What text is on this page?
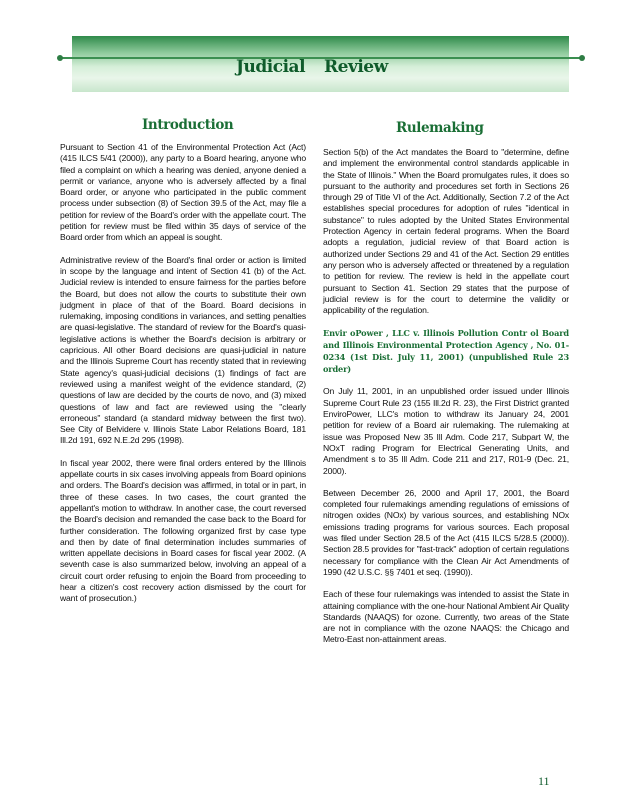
Judicial Review
Introduction

Pursuant to Section 41 of the Environmental Protection Act (Act) (415 ILCS 5/41 (2000)), any party to a Board hearing, anyone who filed a complaint on which a hearing was denied, anyone denied a permit or variance, anyone who is adversely affected by a final Board order, or anyone who participated in the public comment process under subsection (8) of Section 39.5 of the Act, may file a petition for review of the Board's order with the appellate court. The petition for review must be filed within 35 days of service of the Board order from which an appeal is sought.

Administrative review of the Board's final order or action is limited in scope by the language and intent of Section 41 (b) of the Act. Judicial review is intended to ensure fairness for the parties before the Board, but does not allow the courts to substitute their own judgment in place of that of the Board. Board decisions in rulemaking, imposing conditions in variances, and setting penalties are quasi-legislative. The standard of review for the Board's quasi-legislative actions is whether the Board's decision is arbitrary or capricious. All other Board decisions are quasi-judicial in nature and the Illinois Supreme Court has recently stated that in reviewing State agency's quasi-judicial decisions (1) findings of fact are reviewed using a manifest weight of the evidence standard, (2) questions of law are decided by the courts de novo, and (3) mixed questions of law and fact are reviewed using the "clearly erroneous" standard (a standard midway between the first two). See City of Belvidere v. Illinois State Labor Relations Board, 181 Ill.2d 191, 692 N.E.2d 295 (1998).

In fiscal year 2002, there were final orders entered by the Illinois appellate courts in six cases involving appeals from Board opinions and orders. The Board's decision was affirmed, in total or in part, in three of these cases. In two cases, the court granted the appellant's motion to withdraw. In another case, the court reversed the Board's decision and remanded the case back to the Board for further consideration. The following organized first by case type and then by date of final determination includes summaries of written appellate decisions in Board cases for fiscal year 2002. (A seventh case is also summarized below, involving an appeal of a circuit court order refusing to enjoin the Board from proceeding to hear a citizen's cost recovery action dismissed by the court for want of prosecution.)

Rulemaking

Section 5(b) of the Act mandates the Board to "determine, define and implement the environmental control standards applicable in the State of Illinois." When the Board promulgates rules, it does so pursuant to the authority and procedures set forth in Sections 26 through 29 of Title VI of the Act. Additionally, Section 7.2 of the Act establishes special procedures for adoption of rules "identical in substance" to rules adopted by the United States Environmental Protection Agency in certain federal programs. When the Board adopts a regulation, judicial review of that Board action is authorized under Sections 29 and 41 of the Act. Section 29 entitles any person who is adversely affected or threatened by a regulation to petition for review. The review is held in the appellate court pursuant to Section 41. Section 29 states that the purpose of judicial review is for the court to determine the validity or applicability of the regulation.

Envir oPower , LLC v. Illinois Pollution Contr ol Board and Illinois Environmental Protection Agency , No. 01-0234 (1st Dist. July 11, 2001) (unpublished Rule 23 order)

On July 11, 2001, in an unpublished order issued under Illinois Supreme Court Rule 23 (155 Ill.2d R. 23), the First District granted EnviroPower, LLC's motion to withdraw its January 24, 2001 petition for review of a Board air rulemaking. The rulemaking at issue was Proposed New 35 Ill Adm. Code 217, Subpart W, the NOxT rading Program for Electrical Generating Units, and Amendment s to 35 Ill Adm. Code 211 and 217, R01-9 (Dec. 21, 2000).

Between December 26, 2000 and April 17, 2001, the Board completed four rulemakings amending regulations of emissions of nitrogen oxides (NOx) by various sources, and establishing NOx emissions trading programs for various sources. Each proposal was filed under Section 28.5 of the Act (415 ILCS 5/28.5 (2000)). Section 28.5 provides for "fast-track" adoption of certain regulations necessary for compliance with the Clean Air Act Amendments of 1990 (42 U.S.C. §§ 7401 et seq. (1990)).

Each of these four rulemakings was intended to assist the State in attaining compliance with the one-hour National Ambient Air Quality Standards (NAAQS) for ozone. Currently, two areas of the State are not in compliance with the ozone NAAQS: the Chicago and Metro-East non-attainment areas.

11
